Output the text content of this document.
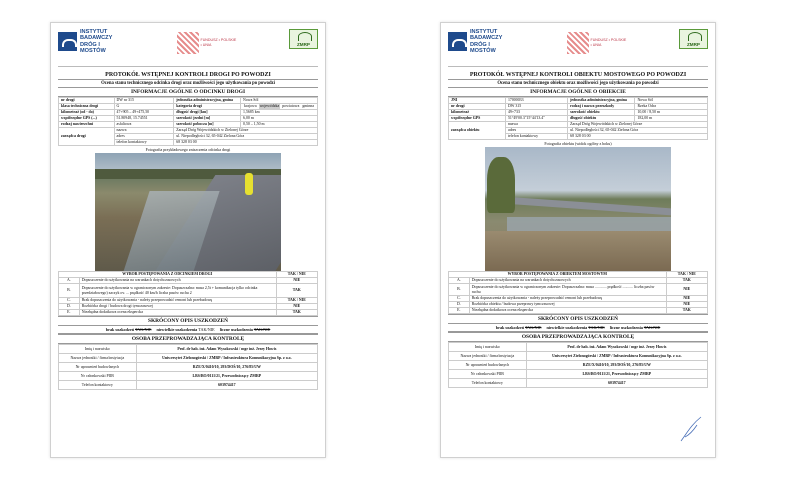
INSTYTUT BADAWCZY DRÓG I MOSTÓW
FUNDUSZ • POLSKIE • UNIA	ZMRP
PROTOKÓŁ WSTĘPNEJ KONTROLI DROGI PO POWODZI
Ocena stanu technicznego odcinka drogi oraz możliwości jego użytkowania po powodzi
INFORMACJE OGÓLNE O ODCINKU DROGI
nr drogi	DW nr 315	jednostka administracyjna, gmina	Nowa Sól
klasa techniczna drogi	G	kategoria drogi	krajowa wojewódzka powiatowa gminna

kilometraż (od - do)	47+905 – 49+475,50	długość drogi [km]	1,5685 km
współrzędne GPS (...)	51.80948, 15.74551	szerokość jezdni [m]	6,00 m
rodzaj nawierzchni	asfaltowa	szerokość pobocza [m]	0,50 – 1,50 m
zarządca drogi	nazwa	Zarząd Dróg Wojewódzkich w Zielonej Górze	
	adres	ul. Niepodległości 32, 65-042 Zielona Góra	
	telefon kontaktowy	68 328 03 00	
Fotografia przykładowego zniszczenia odcinka drogi
WYBÓR POSTĘPOWANIA Z ODCINKIEM DROGI		TAK / NIE
A.	Dopuszczenie do użytkowania na warunkach dotychczasowych	NIE
B.	Dopuszczenie do użytkowania w ograniczonym zakresie: Dopuszczalna: masa 2,5t + komunikacja tylko odcinka przedziałowego) zaczyk ov. ... prędkość 40 km/h liczba pasów ruchu 2	TAK
C.	Brak dopuszczenia do użytkowania - należy przeprowadzić remont lub przebudowę	TAK / NIE
D.	Rozbiórka drogi / budowa drogi tymczasowej	NIE
E.	Niezbędna dodatkowa ocena ekspercka	TAK
SKRÓCONY OPIS USZKODZEŃ
brak uszkodzeń TAK/NIE niewielkie uszkodzenia TAK/NIE liczne uszkodzenia TAK/NIE
OSOBA PRZEPROWADZAJĄCA KONTROLĘ
Imię i nazwisko	Prof. dr hab. inż. Adam Wysokowski / mgr inż. Jerzy Howis
Nazwa jednostki / firma/instytucja	Uniwersytet Zielonogórski / ZMRP / Infrastruktura Komunikacyjna Sp. z o.o.
Nr uprawnień budowlanych	RZE/X/0410/10, 293/DOŚ/10, 276/85/UW
Nr członkowski PIIB	LBS/BO/0111/21, Przewodniczący ZMRP
Telefon kontaktowy	603974417
INSTYTUT BADAWCZY DRÓG I MOSTÓW
FUNDUSZ • POLSKIE • UNIA	ZMRP
PROTOKÓŁ WSTĘPNEJ KONTROLI OBIEKTU MOSTOWEGO PO POWODZI
Ocena stanu technicznego obiektu oraz możliwości jego użytkowania po powodzi
INFORMACJE OGÓLNE O OBIEKCIE
JNI	17000033	jednostka administracyjna, gmina	Nowa Sól
nr drogi	DW 315	rodzaj i nazwa przeszkody	Rzeka Odra
kilometraż	49+733	szerokość obiektu	10,00 / 8,50 m
współrzędne GPS	51°49'00.3"15°44'13.4"	długość obiektu	182,00 m
zarządca obiektu	nazwa	Zarząd Dróg Wojewódzkich w Zielonej Górze	
	adres	ul. Niepodległości 32, 65-042 Zielona Góra	
	telefon kontaktowy	68 328 03 00	
Fotografia obiektu (widok ogólny z boku)
WYBÓR POSTĘPOWANIA Z OBIEKTEM MOSTOWYM		TAK / NIE
A.	Dopuszczenie do użytkowania na warunkach dotychczasowych	TAK
B.	Dopuszczenie do użytkowania w ograniczonym zakresie: Dopuszczalna: masa ............ prędkość ........... liczba pasów ruchu	NIE
C.	Brak dopuszczenia do użytkowania - należy przeprowadzić remont lub przebudowę	NIE
D.	Rozbiórka obiektu / budowa przeprawy tymczasowej	NIE
E.	Niezbędna dodatkowa ocena ekspercka	TAK
SKRÓCONY OPIS USZKODZEŃ
brak uszkodzeń TAK/NIE niewielkie uszkodzenia TAK/NIE liczne uszkodzenia TAK/NIE
OSOBA PRZEPROWADZAJĄCA KONTROLĘ
Imię i nazwisko	Prof. dr hab. inż. Adam Wysokowski / mgr inż. Jerzy Howis
Nazwa jednostki / firma/instytucja	Uniwersytet Zielonogórski / ZMRP / Infrastruktura Komunikacyjna Sp. z o.o.
Nr uprawnień budowlanych	RZE/X/0410/10, 293/DOŚ/10, 276/85/UW
Nr członkowski PIIB	LBS/BO/0111/21, Przewodniczący ZMRP
Telefon kontaktowy	603974417
